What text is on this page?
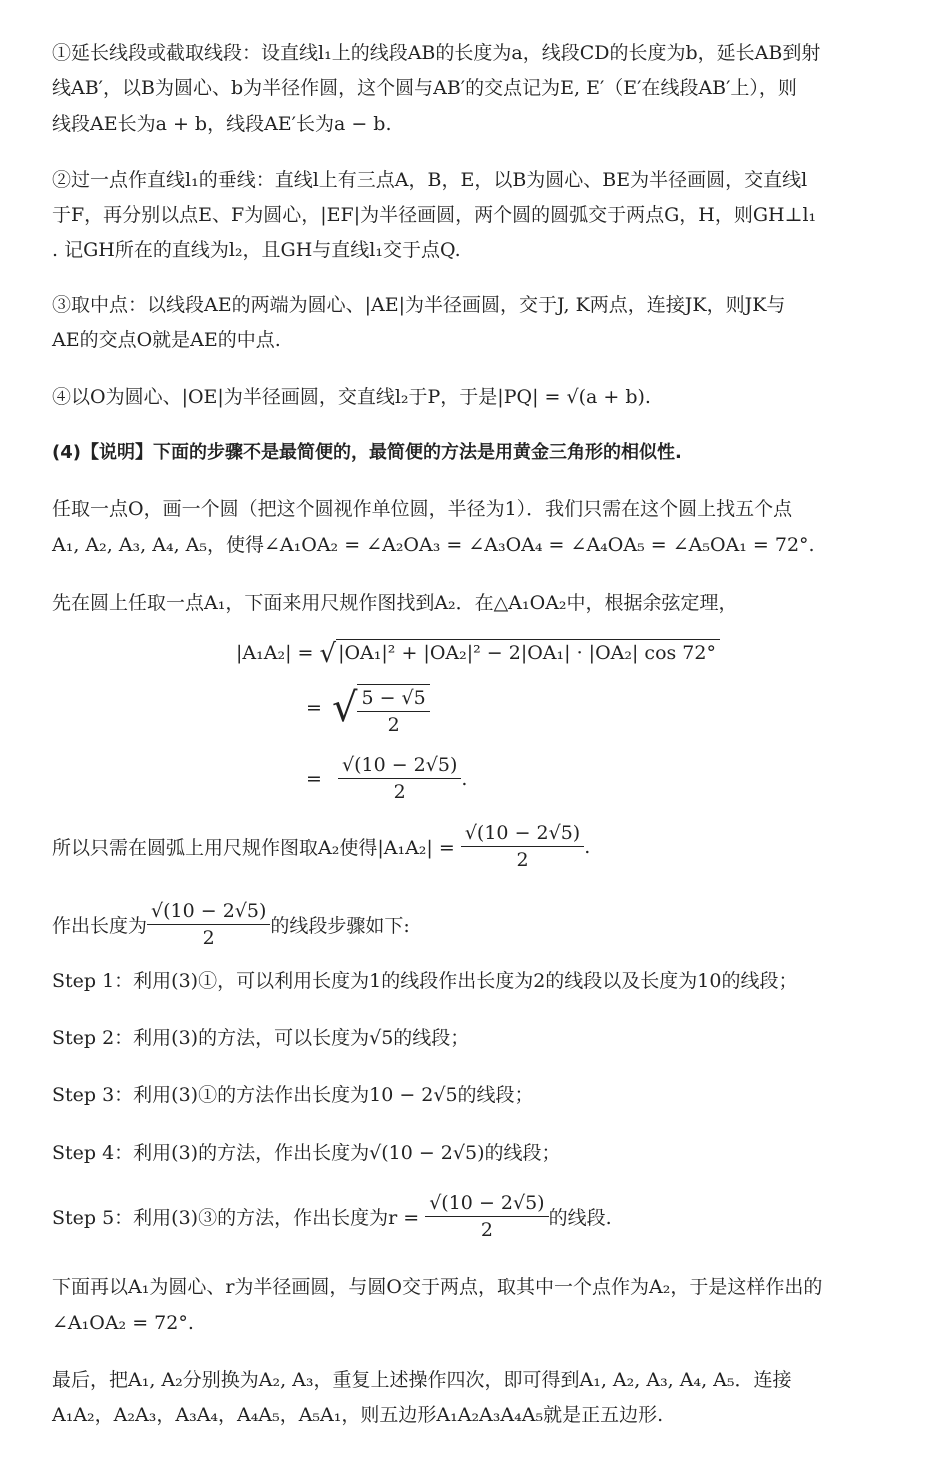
①延长线段或截取线段：设直线l₁上的线段AB的长度为a，线段CD的长度为b，延长AB到射
线AB′，以B为圆心、b为半径作圆，这个圆与AB′的交点记为E, E′（E′在线段AB′上），则
线段AE长为a + b，线段AE′长为a − b.
②过一点作直线l₁的垂线：直线l上有三点A，B，E，以B为圆心、BE为半径画圆，交直线l
于F，再分别以点E、F为圆心，|EF|为半径画圆，两个圆的圆弧交于两点G，H，则GH⊥l₁
. 记GH所在的直线为l₂，且GH与直线l₁交于点Q.
③取中点：以线段AE的两端为圆心、|AE|为半径画圆，交于J, K两点，连接JK，则JK与
AE的交点O就是AE的中点.
④以O为圆心、|OE|为半径画圆，交直线l₂于P，于是|PQ| = √(a + b).
(4)【说明】下面的步骤不是最简便的，最简便的方法是用黄金三角形的相似性.
任取一点O，画一个圆（把这个圆视作单位圆，半径为1）．我们只需在这个圆上找五个点
A₁, A₂, A₃, A₄, A₅，使得∠A₁OA₂ = ∠A₂OA₃ = ∠A₃OA₄ = ∠A₄OA₅ = ∠A₅OA₁ = 72°.
先在圆上任取一点A₁，下面来用尺规作图找到A₂．在△A₁OA₂中，根据余弦定理，
|A₁A₂| = √ |OA₁|² + |OA₂|² − 2|OA₁| · |OA₂| cos 72°
= √ $\frac{5 - √5}{2}$
= $\frac{√(10 - 2√5)}{2}$ .
所以只需在圆弧上用尺规作图取A₂使得$|A_1A_2| = \frac{√(10 - 2√5)}{2}$ .
作出长度为 $\frac{√(10 - 2√5)}{2}$ 的线段步骤如下:
Step 1：利用(3)①，可以利用长度为1的线段作出长度为2的线段以及长度为10的线段；
Step 2：利用(3)的方法，可以长度为√5的线段；
Step 3：利用(3)①的方法作出长度为10 − 2√5的线段；
Step 4：利用(3)的方法，作出长度为√(10 − 2√5)的线段；
Step 5：利用(3)③的方法，作出长度为$r = \frac{√(10 - 2√5)}{2}$ 的线段.
下面再以A₁为圆心、r为半径画圆，与圆O交于两点，取其中一个点作为A₂，于是这样作出的
∠A₁OA₂ = 72°.
最后，把A₁, A₂分别换为A₂, A₃，重复上述操作四次，即可得到A₁, A₂, A₃, A₄, A₅．连接
A₁A₂，A₂A₃，A₃A₄，A₄A₅，A₅A₁，则五边形A₁A₂A₃A₄A₅就是正五边形.
